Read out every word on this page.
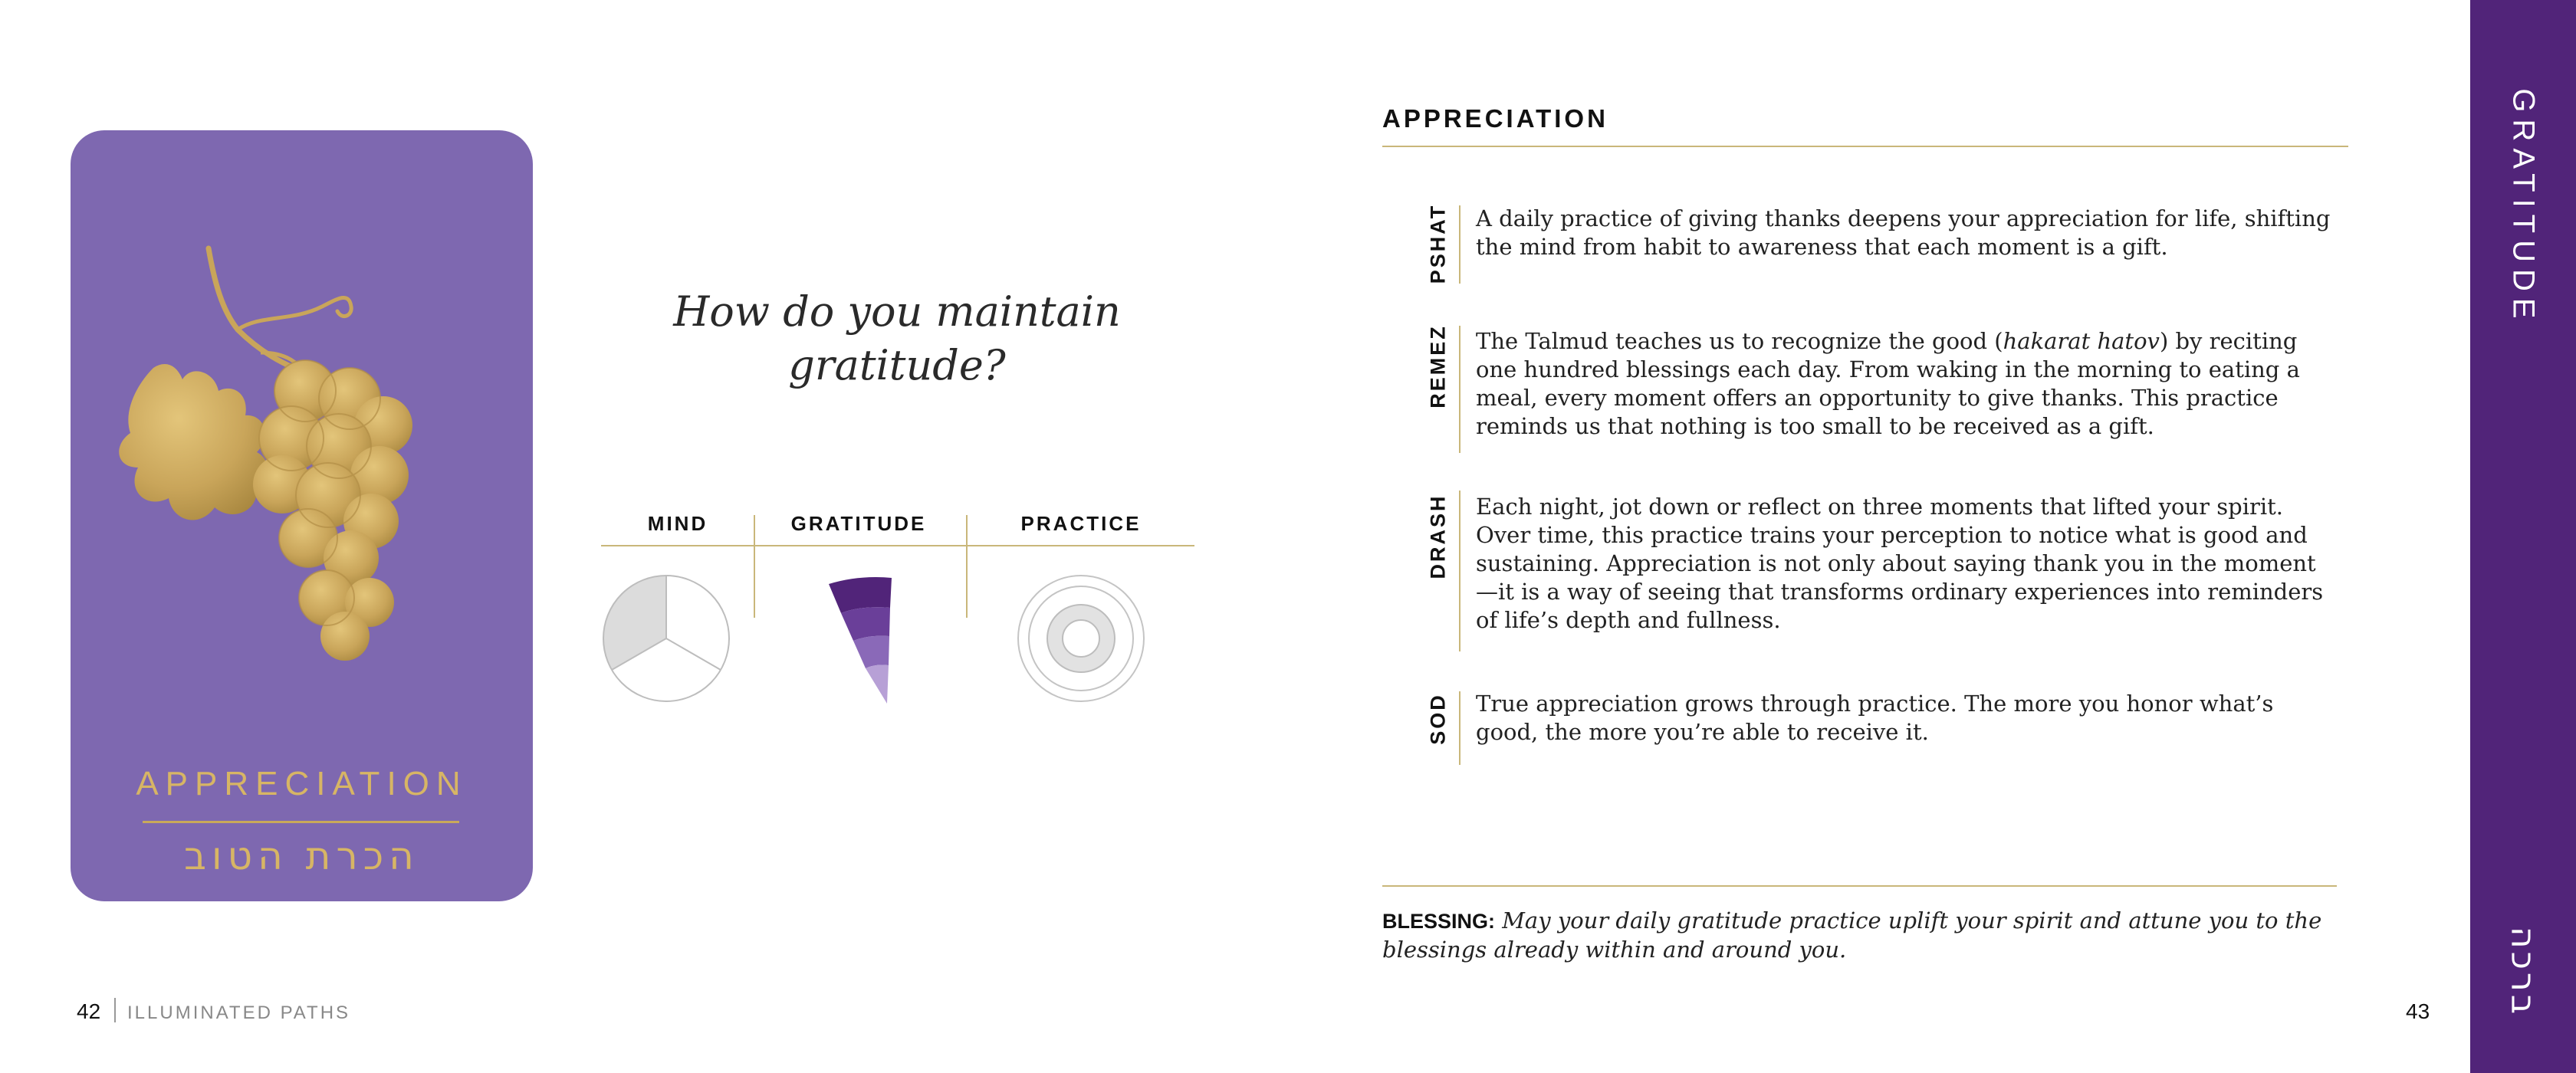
APPRECIATION
הכרת הטוב
How do you maintain gratitude?
MIND	GRATITUDE	PRACTICE
42 ILLUMINATED PATHS
APPRECIATION
PSHAT A daily practice of giving thanks deepens your appreciation for life, shifting the mind from habit to awareness that each moment is a gift.
REMEZ The Talmud teaches us to recognize the good (hakarat hatov) by reciting one hundred blessings each day. From waking in the morning to eating a meal, every moment offers an opportunity to give thanks. This practice reminds us that nothing is too small to be received as a gift.
DRASH Each night, jot down or reflect on three moments that lifted your spirit. Over time, this practice trains your perception to notice what is good and sustaining. Appreciation is not only about saying thank you in the moment—it is a way of seeing that transforms ordinary experiences into reminders of life’s depth and fullness.
SOD True appreciation grows through practice. The more you honor what’s good, the more you’re able to receive it.
BLESSING: May your daily gratitude practice uplift your spirit and attune you to the blessings already within and around you.
43
GRATITUDE
ברכה
